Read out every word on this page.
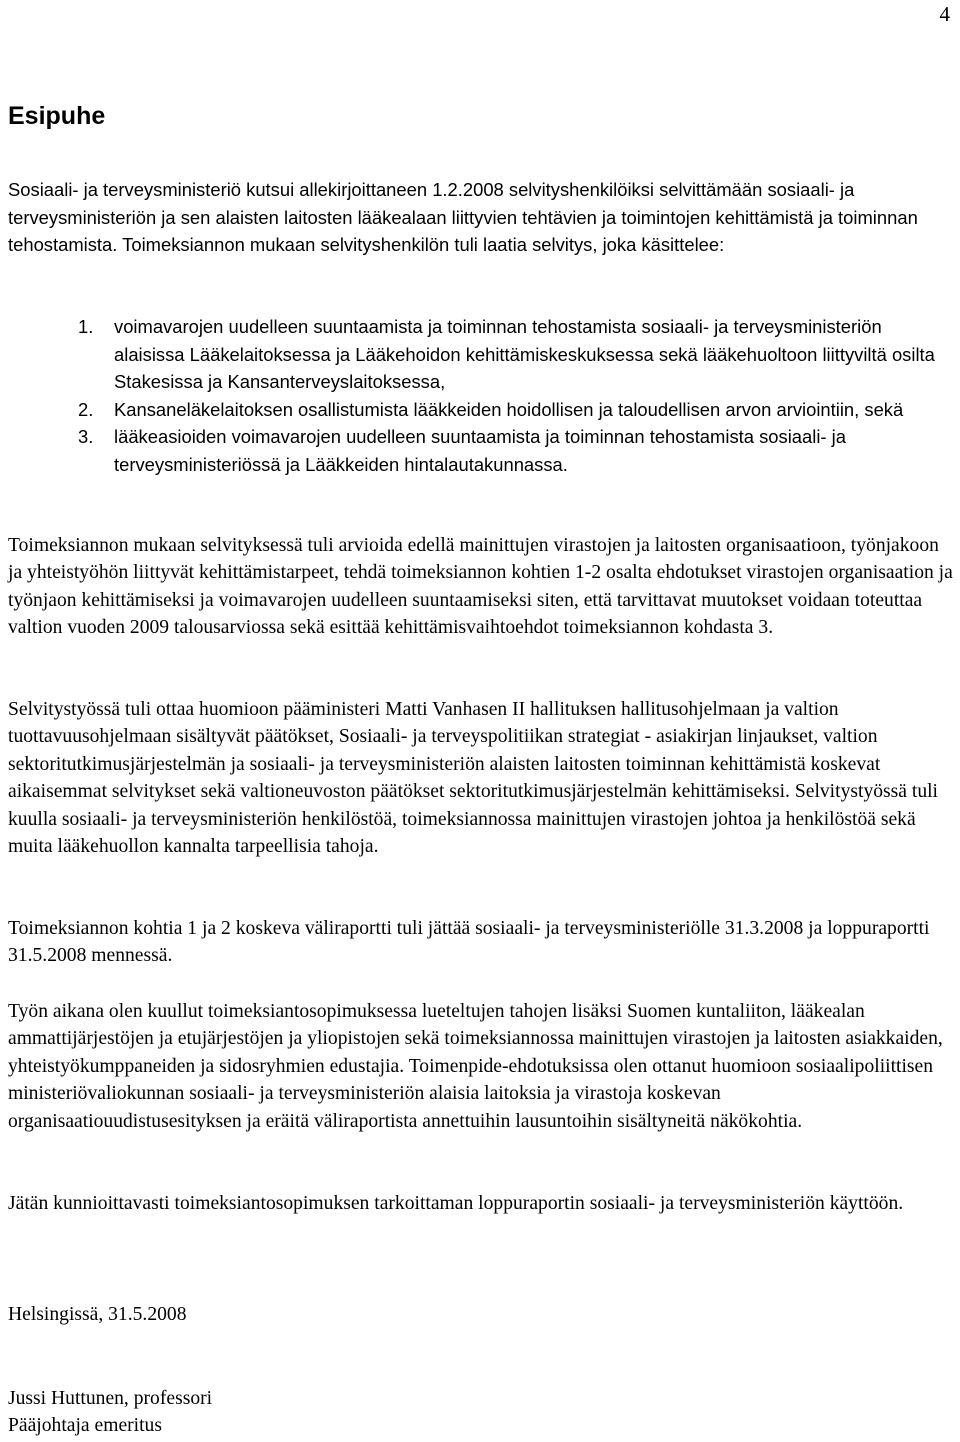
4
Esipuhe

Sosiaali- ja terveysministeriö kutsui allekirjoittaneen 1.2.2008 selvityshenkilöiksi selvittämään sosiaali- ja terveysministeriön ja sen alaisten laitosten lääkealaan liittyvien tehtävien ja toimintojen kehittämistä ja toiminnan tehostamista. Toimeksiannon mukaan selvityshenkilön tuli laatia selvitys, joka käsittelee:

1. voimavarojen uudelleen suuntaamista ja toiminnan tehostamista sosiaali- ja terveysministeriön alaisissa Lääkelaitoksessa ja Lääkehoidon kehittämiskeskuksessa sekä lääkehuoltoon liittyviltä osilta Stakesissa ja Kansanterveyslaitoksessa,
2. Kansaneläkelaitoksen osallistumista lääkkeiden hoidollisen ja taloudellisen arvon arviointiin, sekä
3. lääkeasioiden voimavarojen uudelleen suuntaamista ja toiminnan tehostamista sosiaali- ja terveysministeriössä ja Lääkkeiden hintalautakunnassa.

Toimeksiannon mukaan selvityksessä tuli arvioida edellä mainittujen virastojen ja laitosten organisaatioon, työnjakoon ja yhteistyöhön liittyvät kehittämistarpeet, tehdä toimeksiannon kohtien 1-2 osalta ehdotukset virastojen organisaation ja työnjaon kehittämiseksi ja voimavarojen uudelleen suuntaamiseksi siten, että tarvittavat muutokset voidaan toteuttaa valtion vuoden 2009 talousarviossa sekä esittää kehittämisvaihtoehdot toimeksiannon kohdasta 3.

Selvitystyössä tuli ottaa huomioon pääministeri Matti Vanhasen II hallituksen hallitusohjelmaan ja valtion tuottavuusohjelmaan sisältyvät päätökset, Sosiaali- ja terveyspolitiikan strategiat - asiakirjan linjaukset, valtion sektoritutkimusjärjestelmän ja sosiaali- ja terveysministeriön alaisten laitosten toiminnan kehittämistä koskevat aikaisemmat selvitykset sekä valtioneuvoston päätökset sektoritutkimusjärjestelmän kehittämiseksi. Selvitystyössä tuli kuulla sosiaali- ja terveysministeriön henkilöstöä, toimeksiannossa mainittujen virastojen johtoa ja henkilöstöä sekä muita lääkehuollon kannalta tarpeellisia tahoja.

Toimeksiannon kohtia 1 ja 2 koskeva väliraportti tuli jättää sosiaali- ja terveysministeriölle 31.3.2008 ja loppuraportti 31.5.2008 mennessä.

Työn aikana olen kuullut toimeksiantosopimuksessa lueteltujen tahojen lisäksi Suomen kuntaliiton, lääkealan ammattijärjestöjen ja etujärjestöjen ja yliopistojen sekä toimeksiannossa mainittujen virastojen ja laitosten asiakkaiden, yhteistyökumppaneiden ja sidosryhmien edustajia. Toimenpide-ehdotuksissa olen ottanut huomioon sosiaalipoliittisen ministeriövaliokunnan sosiaali- ja terveysministeriön alaisia laitoksia ja virastoja koskevan organisaatiouudistusesityksen ja eräitä väliraportista annettuihin lausuntoihin sisältyneitä näkökohtia.

Jätän kunnioittavasti toimeksiantosopimuksen tarkoittaman loppuraportin sosiaali- ja terveysministeriön käyttöön.

Helsingissä, 31.5.2008

Jussi Huttunen, professori

Pääjohtaja emeritus
